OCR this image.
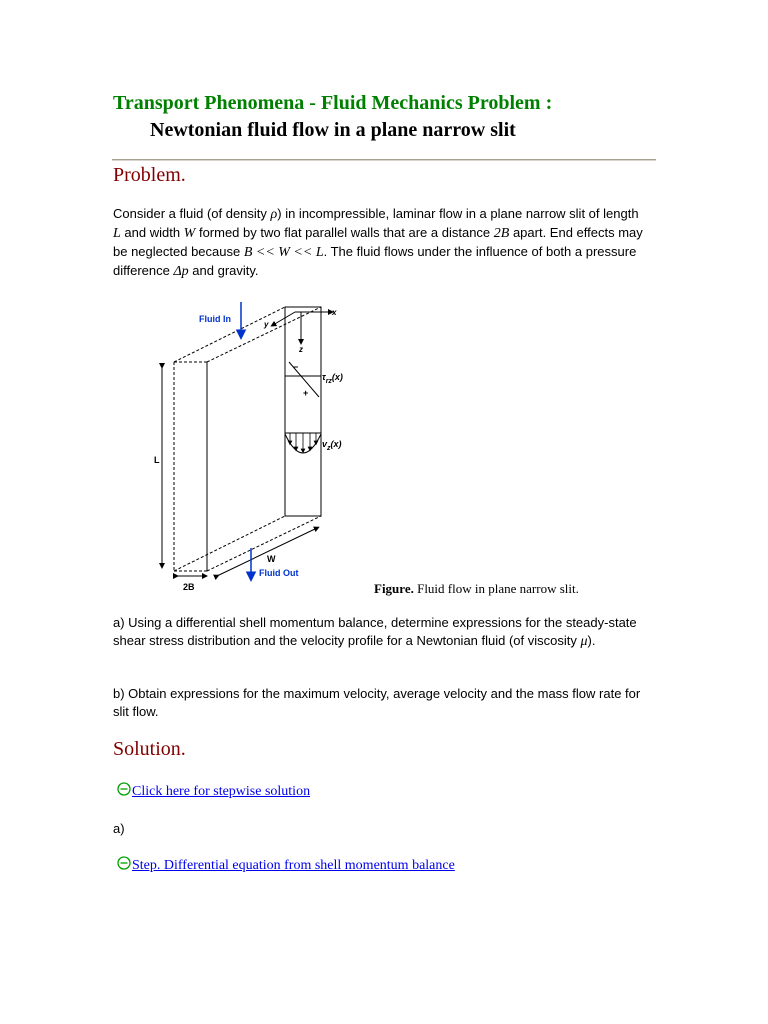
Transport Phenomena - Fluid Mechanics Problem :
Newtonian fluid flow in a plane narrow slit
Problem.
Consider a fluid (of density ρ) in incompressible, laminar flow in a plane narrow slit of length L and width W formed by two flat parallel walls that are a distance 2B apart. End effects may be neglected because B << W << L. The fluid flows under the influence of both a pressure difference Δp and gravity.
L
2B
W
x
y
z
−
+
$\tau_{rz}(x)$
$v_z(x)$
Fluid In
Fluid Out
Figure. Fluid flow in plane narrow slit.
a) Using a differential shell momentum balance, determine expressions for the steady-state shear stress distribution and the velocity profile for a Newtonian fluid (of viscosity μ).
b) Obtain expressions for the maximum velocity, average velocity and the mass flow rate for slit flow.
Solution.
Click here for stepwise solution
a)
Step. Differential equation from shell momentum balance
